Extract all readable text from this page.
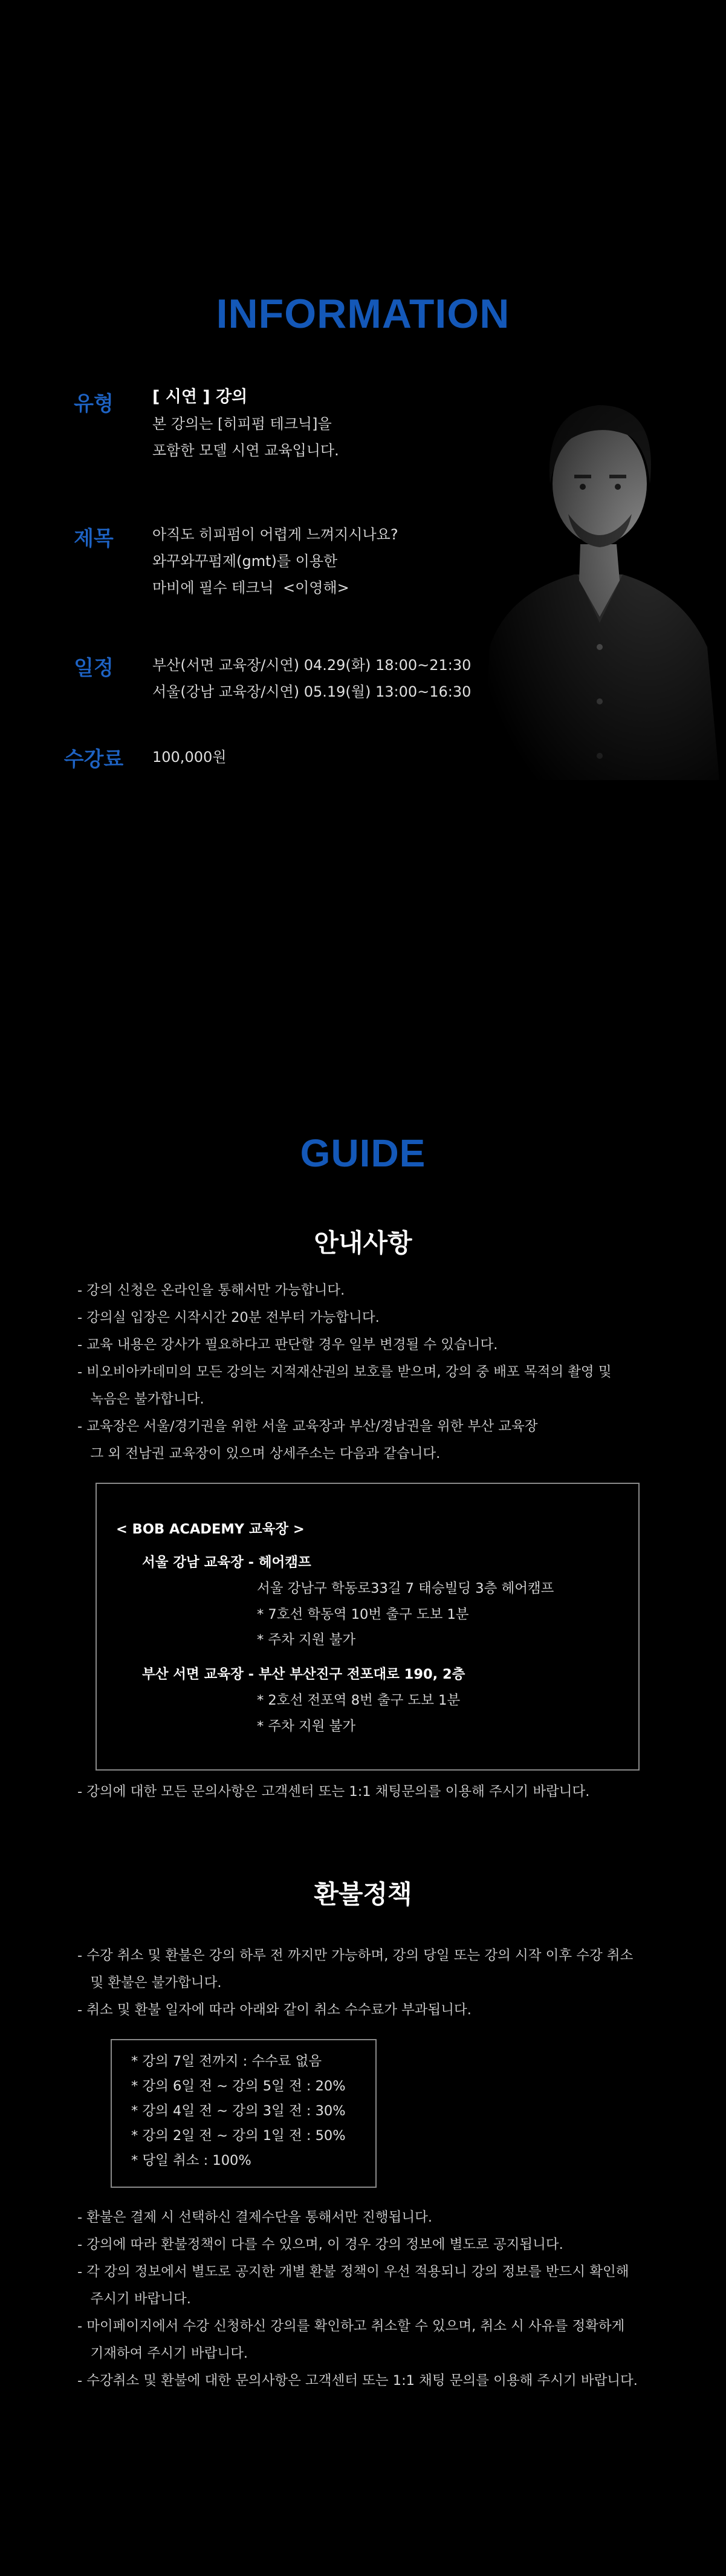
INFORMATION
유형	[ 시연 ] 강의
본 강의는 [히피펌 테크닉]을
포함한 모델 시연 교육입니다.
제목	아직도 히피펌이 어렵게 느껴지시나요?
와꾸와꾸펌제(gmt)를 이용한
마비에 필수 테크닉  <이영해>
일정	부산(서면 교육장/시연) 04.29(화) 18:00~21:30
서울(강남 교육장/시연) 05.19(월) 13:00~16:30
수강료	100,000원
GUIDE
안내사항
- 강의 신청은 온라인을 통해서만 가능합니다.
- 강의실 입장은 시작시간 20분 전부터 가능합니다.
- 교육 내용은 강사가 필요하다고 판단할 경우 일부 변경될 수 있습니다.
- 비오비아카데미의 모든 강의는 지적재산권의 보호를 받으며, 강의 중 배포 목적의 촬영 및
녹음은 불가합니다.
- 교육장은 서울/경기권을 위한 서울 교육장과 부산/경남권을 위한 부산 교육장
그 외 전남권 교육장이 있으며 상세주소는 다음과 같습니다.
< BOB ACADEMY 교육장 >
서울 강남 교육장 - 헤어캠프
서울 강남구 학동로33길 7 태승빌딩 3층 헤어캠프
* 7호선 학동역 10번 출구 도보 1분
* 주차 지원 불가
부산 서면 교육장 - 부산 부산진구 전포대로 190, 2층
* 2호선 전포역 8번 출구 도보 1분
* 주차 지원 불가
- 강의에 대한 모든 문의사항은 고객센터 또는 1:1 채팅문의를 이용해 주시기 바랍니다.
환불정책
- 수강 취소 및 환불은 강의 하루 전 까지만 가능하며, 강의 당일 또는 강의 시작 이후 수강 취소
및 환불은 불가합니다.
- 취소 및 환불 일자에 따라 아래와 같이 취소 수수료가 부과됩니다.
* 강의 7일 전까지 : 수수료 없음
* 강의 6일 전 ~ 강의 5일 전 : 20%
* 강의 4일 전 ~ 강의 3일 전 : 30%
* 강의 2일 전 ~ 강의 1일 전 : 50%
* 당일 취소 : 100%
- 환불은 결제 시 선택하신 결제수단을 통해서만 진행됩니다.
- 강의에 따라 환불정책이 다를 수 있으며, 이 경우 강의 정보에 별도로 공지됩니다.
- 각 강의 정보에서 별도로 공지한 개별 환불 정책이 우선 적용되니 강의 정보를 반드시 확인해
주시기 바랍니다.
- 마이페이지에서 수강 신청하신 강의를 확인하고 취소할 수 있으며, 취소 시 사유를 정확하게
기재하여 주시기 바랍니다.
- 수강취소 및 환불에 대한 문의사항은 고객센터 또는 1:1 채팅 문의를 이용해 주시기 바랍니다.
